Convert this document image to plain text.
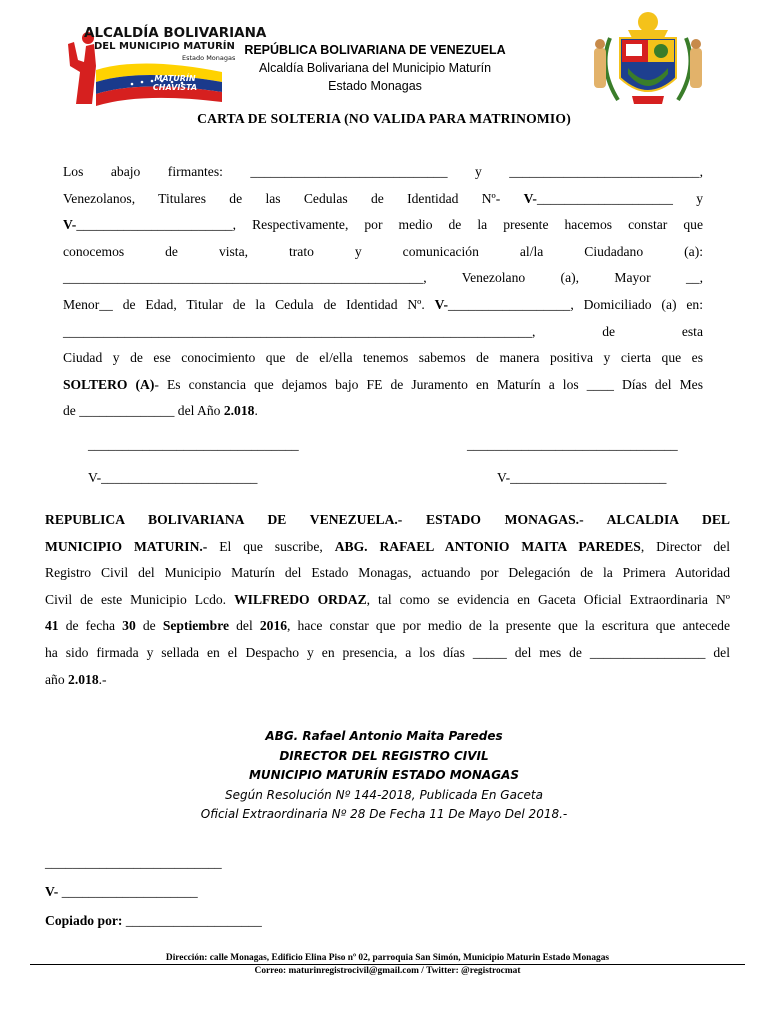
ALCALDÍA BOLIVARIANA
DEL MUNICIPIO MATURÍN
Estado Monagas
MATURÍN CHAVISTA
REPÚBLICA BOLIVARIANA DE VENEZUELA
Alcaldía Bolivariana del Municipio Maturín
Estado Monagas
CARTA DE SOLTERIA (NO VALIDA PARA MATRINOMIO)
Los abajo firmantes: _____________________________ y ____________________________,
Venezolanos, Titulares de las Cedulas de Identidad Nº- V-____________________ y
V-_______________________, Respectivamente, por medio de la presente hacemos constar que
conocemos de vista, trato y comunicación al/la Ciudadano (a):
_____________________________________________________, Venezolano (a), Mayor __,
Menor__ de Edad, Titular de la Cedula de Identidad Nº. V-__________________, Domiciliado (a) en:
_____________________________________________________________________, de esta
Ciudad y de ese conocimiento que de el/ella tenemos sabemos de manera positiva y cierta que es
SOLTERO (A)- Es constancia que dejamos bajo FE de Juramento en Maturín a los ____ Días del Mes
de ______________ del Año 2.018.
_______________________________	_______________________________
V-_______________________	V-_______________________
REPUBLICA BOLIVARIANA DE VENEZUELA.- ESTADO MONAGAS.- ALCALDIA DEL
MUNICIPIO MATURIN.- El que suscribe, ABG. RAFAEL ANTONIO MAITA PAREDES, Director del
Registro Civil del Municipio Maturín del Estado Monagas, actuando por Delegación de la Primera Autoridad
Civil de este Municipio Lcdo. WILFREDO ORDAZ, tal como se evidencia en Gaceta Oficial Extraordinaria Nº
41 de fecha 30 de Septiembre del 2016, hace constar que por medio de la presente que la escritura que antecede
ha sido firmada y sellada en el Despacho y en presencia, a los días _____ del mes de _________________ del
año 2.018.-
ABG. Rafael Antonio Maita Paredes
DIRECTOR DEL REGISTRO CIVIL
MUNICIPIO MATURÍN ESTADO MONAGAS
Según Resolución Nº 144-2018, Publicada En Gaceta
Oficial Extraordinaria Nº 28 De Fecha 11 De Mayo Del 2018.-
__________________________
V- ____________________
Copiado por: ____________________
Dirección: calle Monagas, Edificio Elina Piso nº 02, parroquia San Simón, Municipio Maturin Estado Monagas
Correo: maturinregistrocivil@gmail.com / Twitter: @registrocmat
